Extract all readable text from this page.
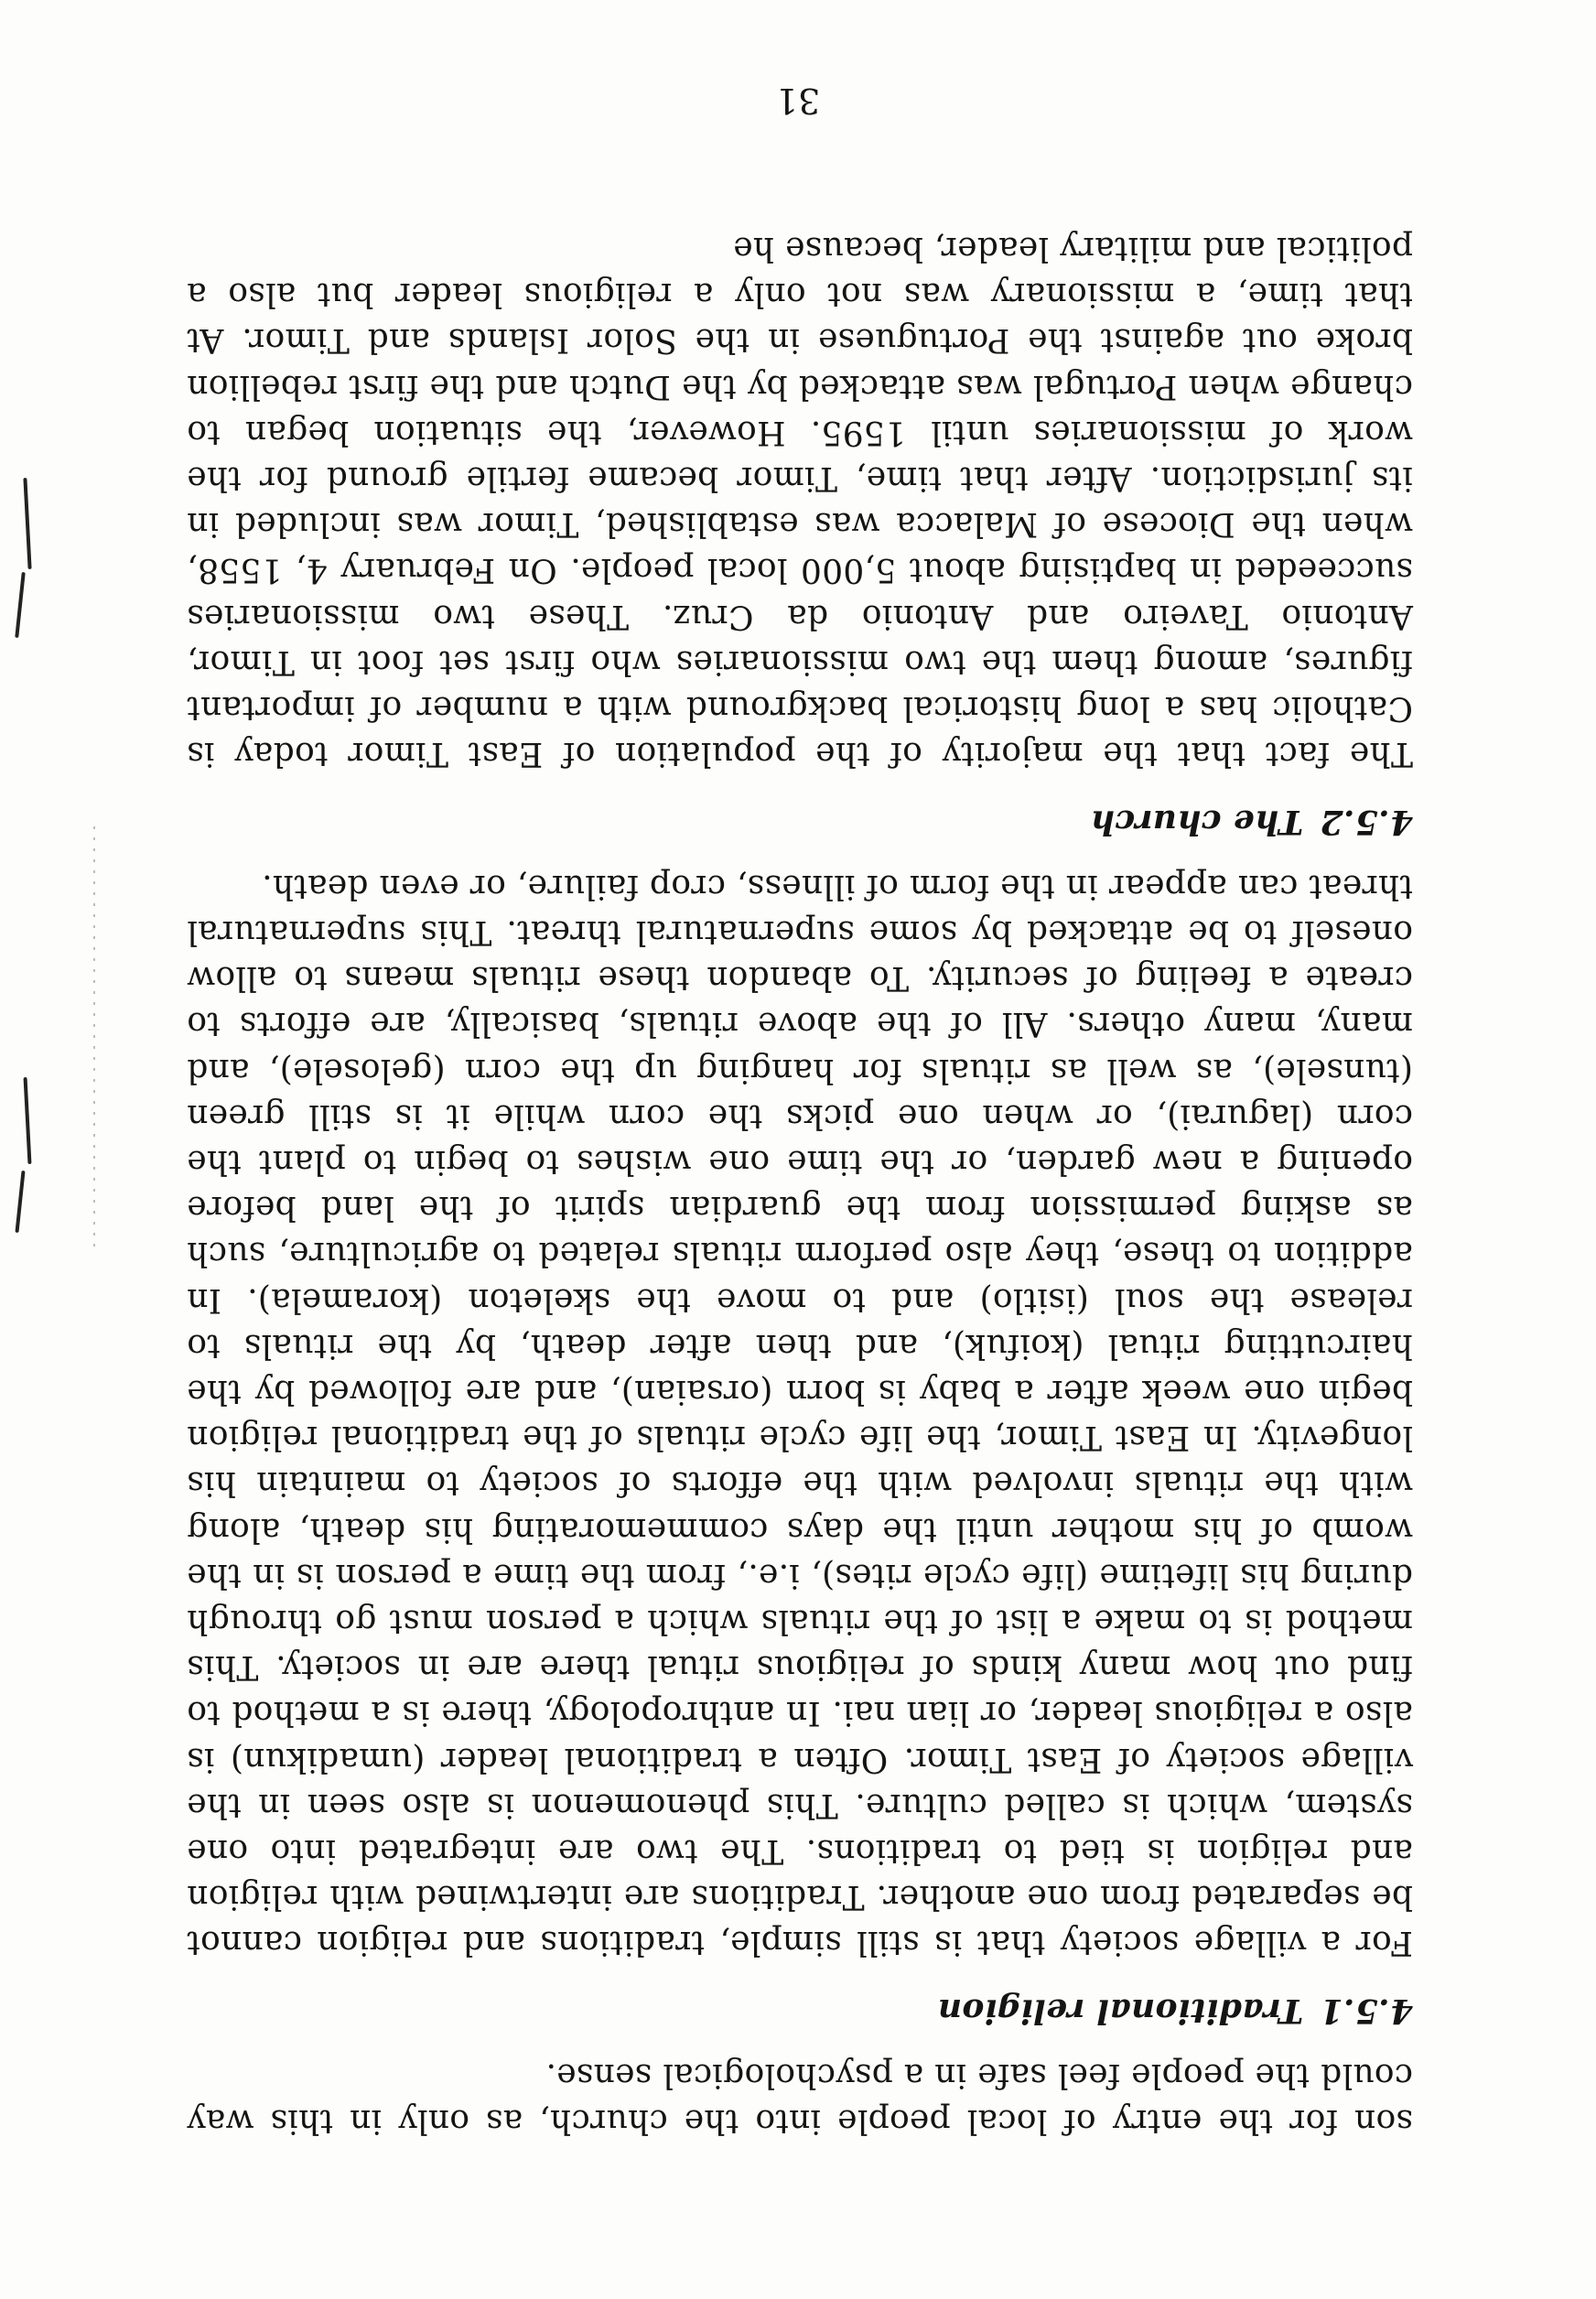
son for the entry of local people into the church, as only in this way could the people feel safe in a psychological sense.

4.5.1Traditional religion

For a village society that is still simple, traditions and religion cannot be separated from one another. Traditions are intertwined with religion and religion is tied to traditions. The two are integrated into one system, which is called culture. This phenomenon is also seen in the village society of East Timor. Often a traditional leader (umadikun) is also a religious leader, or lian nai. In anthropology, there is a method to find out how many kinds of religious ritual there are in society. This method is to make a list of the rituals which a person must go through during his lifetime (life cycle rites), i.e., from the time a person is in the womb of his mother until the days commemorating his death, along with the rituals involved with the efforts of society to maintain his longevity. In East Timor, the life cycle rituals of the traditional religion begin one week after a baby is born (orsaian), and are followed by the haircutting ritual (koifuk), and then after death, by the rituals to release the soul (isitlo) and to move the skeleton (koramela). In addition to these, they also perform rituals related to agriculture, such as asking permission from the guardian spirit of the land before opening a new garden, or the time one wishes to begin to plant the corn (lagurai), or when one picks the corn while it is still green (tunsele), as well as rituals for hanging up the corn (gelosele), and many, many others. All of the above rituals, basically, are efforts to create a feeling of security. To abandon these rituals means to allow oneself to be attacked by some supernatural threat. This supernatural threat can appear in the form of illness, crop failure, or even death.

4.5.2The church

The fact that the majority of the population of East Timor today is Catholic has a long historical background with a number of important figures, among them the two missionaries who first set foot in Timor, Antonio Taveiro and Antonio da Cruz. These two missionaries succeeded in baptising about 5,000 local people. On February 4, 1558, when the Diocese of Malacca was established, Timor was included in its jurisdiction. After that time, Timor became fertile ground for the work of missionaries until 1595. However, the situation began to change when Portugal was attacked by the Dutch and the first rebellion broke out against the Portuguese in the Solor Islands and Timor. At that time, a missionary was not only a religious leader but also a political and military leader, because he

31
